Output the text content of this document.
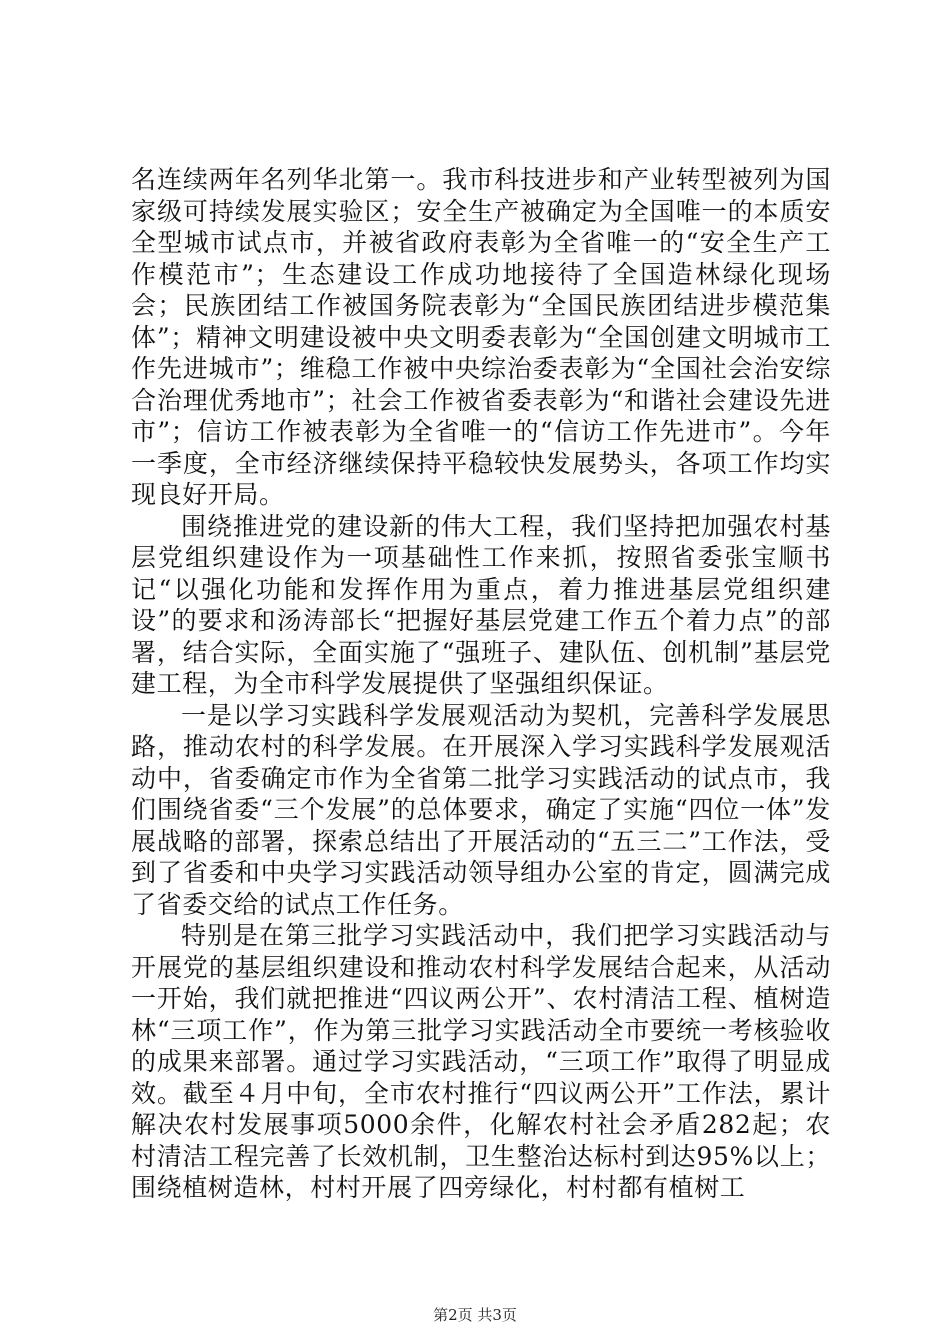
名连续两年名列华北第一。我市科技进步和产业转型被列为国家级可持续发展实验区；安全生产被确定为全国唯一的本质安全型城市试点市，并被省政府表彰为全省唯一的“安全生产工作模范市”；生态建设工作成功地接待了全国造林绿化现场会；民族团结工作被国务院表彰为“全国民族团结进步模范集体”；精神文明建设被中央文明委表彰为“全国创建文明城市工作先进城市”；维稳工作被中央综治委表彰为“全国社会治安综合治理优秀地市”；社会工作被省委表彰为“和谐社会建设先进市”；信访工作被表彰为全省唯一的“信访工作先进市”。今年一季度，全市经济继续保持平稳较快发展势头，各项工作均实现良好开局。

围绕推进党的建设新的伟大工程，我们坚持把加强农村基层党组织建设作为一项基础性工作来抓，按照省委张宝顺书记“以强化功能和发挥作用为重点，着力推进基层党组织建设”的要求和汤涛部长“把握好基层党建工作五个着力点”的部署，结合实际，全面实施了“强班子、建队伍、创机制”基层党建工程，为全市科学发展提供了坚强组织保证。

一是以学习实践科学发展观活动为契机，完善科学发展思路，推动农村的科学发展。在开展深入学习实践科学发展观活动中，省委确定市作为全省第二批学习实践活动的试点市，我们围绕省委“三个发展”的总体要求，确定了实施“四位一体”发展战略的部署，探索总结出了开展活动的“五三二”工作法，受到了省委和中央学习实践活动领导组办公室的肯定，圆满完成了省委交给的试点工作任务。

特别是在第三批学习实践活动中，我们把学习实践活动与开展党的基层组织建设和推动农村科学发展结合起来，从活动一开始，我们就把推进“四议两公开”、农村清洁工程、植树造林“三项工作”，作为第三批学习实践活动全市要统一考核验收的成果来部署。通过学习实践活动，“三项工作”取得了明显成效。截至４月中旬，全市农村推行“四议两公开”工作法，累计解决农村发展事项5000余件，化解农村社会矛盾282起；农村清洁工程完善了长效机制，卫生整治达标村到达95%以上；围绕植树造林，村村开展了四旁绿化，村村都有植树工

第2页 共3页
